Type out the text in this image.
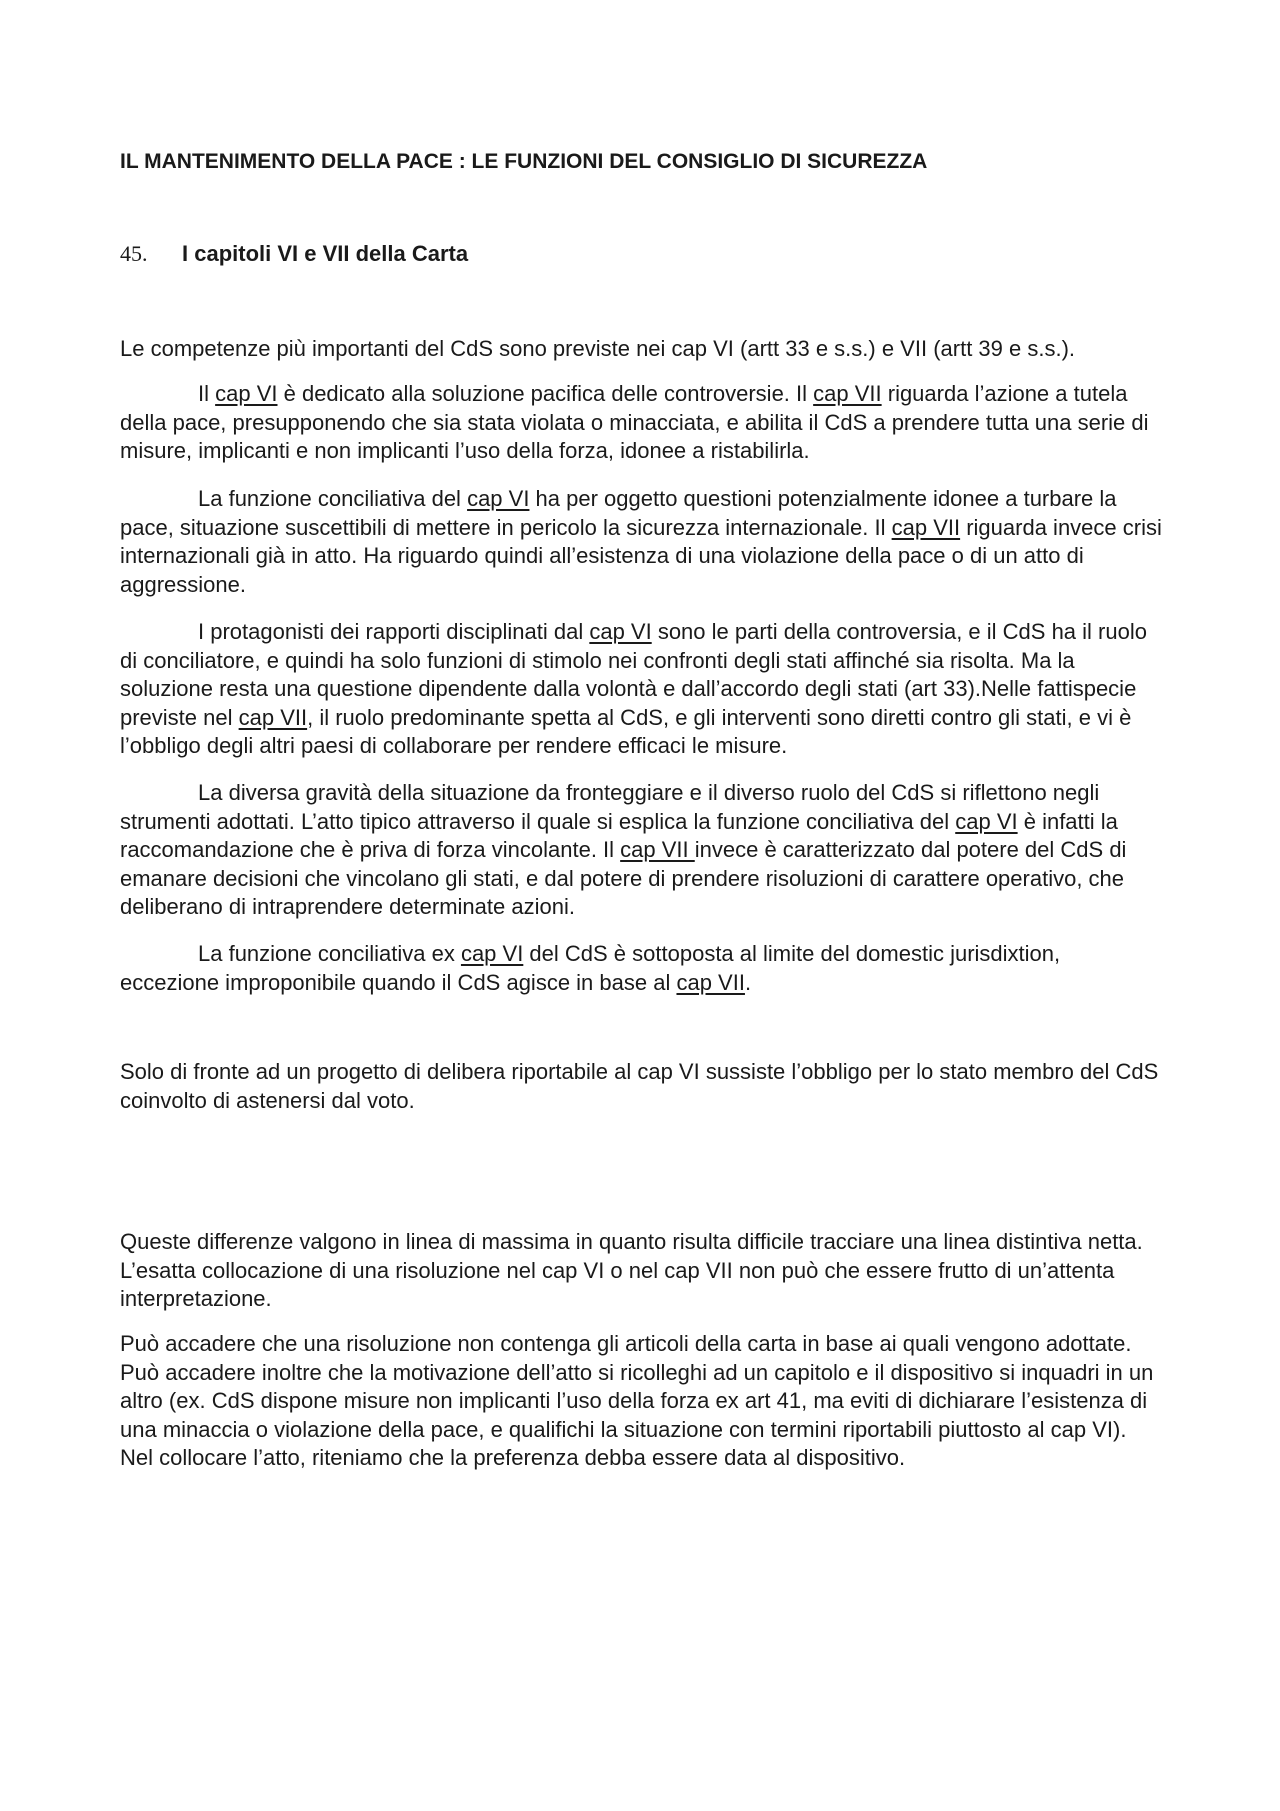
IL MANTENIMENTO DELLA PACE : LE FUNZIONI DEL CONSIGLIO DI SICUREZZA
45. I capitoli VI e VII della Carta

Le competenze più importanti del CdS sono previste nei cap VI (artt 33 e s.s.) e VII (artt 39 e s.s.).

Il cap VI è dedicato alla soluzione pacifica delle controversie. Il cap VII riguarda l’azione a tutela della pace, presupponendo che sia stata violata o minacciata, e abilita il CdS a prendere tutta una serie di misure, implicanti e non implicanti l’uso della forza, idonee a ristabilirla.

La funzione conciliativa del cap VI ha per oggetto questioni potenzialmente idonee a turbare la pace, situazione suscettibili di mettere in pericolo la sicurezza internazionale. Il cap VII riguarda invece crisi internazionali già in atto. Ha riguardo quindi all’esistenza di una violazione della pace o di un atto di aggressione.

I protagonisti dei rapporti disciplinati dal cap VI sono le parti della controversia, e il CdS ha il ruolo di conciliatore, e quindi ha solo funzioni di stimolo nei confronti degli stati affinché sia risolta. Ma la soluzione resta una questione dipendente dalla volontà e dall’accordo degli stati (art 33).Nelle fattispecie previste nel cap VII, il ruolo predominante spetta al CdS, e gli interventi sono diretti contro gli stati, e vi è l’obbligo degli altri paesi di collaborare per rendere efficaci le misure.

La diversa gravità della situazione da fronteggiare e il diverso ruolo del CdS si riflettono negli strumenti adottati. L’atto tipico attraverso il quale si esplica la funzione conciliativa del cap VI è infatti la raccomandazione che è priva di forza vincolante. Il cap VII invece è caratterizzato dal potere del CdS di emanare decisioni che vincolano gli stati, e dal potere di prendere risoluzioni di carattere operativo, che deliberano di intraprendere determinate azioni.

La funzione conciliativa ex cap VI del CdS è sottoposta al limite del domestic jurisdixtion, eccezione improponibile quando il CdS agisce in base al cap VII.

Solo di fronte ad un progetto di delibera riportabile al cap VI sussiste l’obbligo per lo stato membro del CdS coinvolto di astenersi dal voto.

Queste differenze valgono in linea di massima in quanto risulta difficile tracciare una linea distintiva netta. L’esatta collocazione di una risoluzione nel cap VI o nel cap VII non può che essere frutto di un’attenta interpretazione.

Può accadere che una risoluzione non contenga gli articoli della carta in base ai quali vengono adottate. Può accadere inoltre che la motivazione dell’atto si ricolleghi ad un capitolo e il dispositivo si inquadri in un altro (ex. CdS dispone misure non implicanti l’uso della forza ex art 41, ma eviti di dichiarare l’esistenza di una minaccia o violazione della pace, e qualifichi la situazione con termini riportabili piuttosto al cap VI). Nel collocare l’atto, riteniamo che la preferenza debba essere data al dispositivo.
